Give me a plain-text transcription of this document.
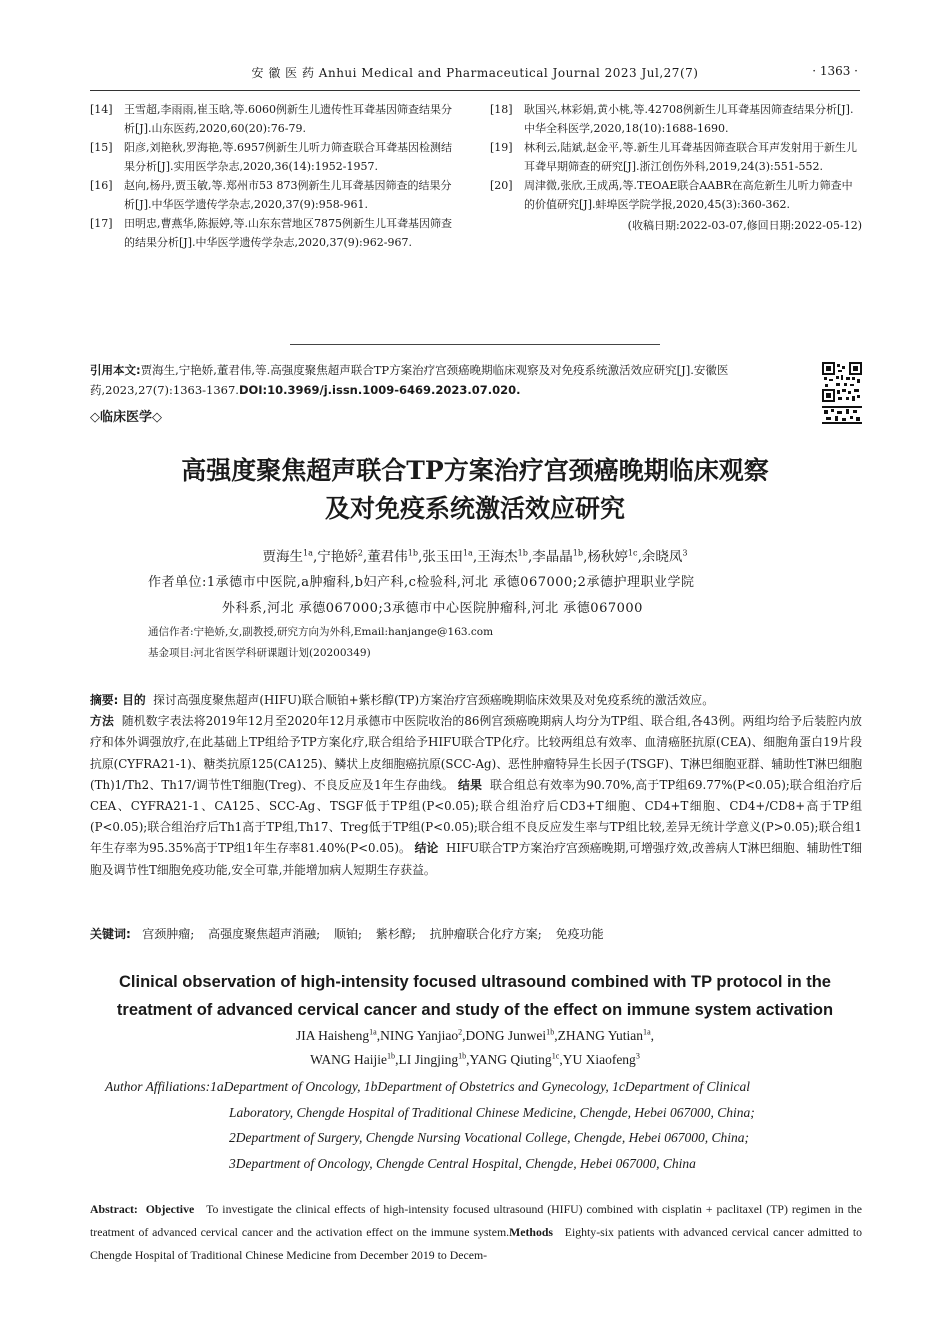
安 徽 医 药 Anhui Medical and Pharmaceutical Journal 2023 Jul,27(7)	· 1363 ·
[14]	王雪超,李雨雨,崔玉晗,等.6060例新生儿遗传性耳聋基因筛查结果分析[J].山东医药,2020,60(20):76-79.
[15]	阳彦,刘艳秋,罗海艳,等.6957例新生儿听力筛查联合耳聋基因检测结果分析[J].实用医学杂志,2020,36(14):1952-1957.
[16]	赵向,杨丹,贾玉敏,等.郑州市53 873例新生儿耳聋基因筛查的结果分析[J].中华医学遗传学杂志,2020,37(9):958-961.
[17]	田明忠,曹燕华,陈振婷,等.山东东营地区7875例新生儿耳聋基因筛查的结果分析[J].中华医学遗传学杂志,2020,37(9):962-967.
[18]	耿国兴,林彩娟,黄小桃,等.42708例新生儿耳聋基因筛查结果分析[J].中华全科医学,2020,18(10):1688-1690.
[19]	林利云,陆斌,赵金平,等.新生儿耳聋基因筛查联合耳声发射用于新生儿耳聋早期筛查的研究[J].浙江创伤外科,2019,24(3):551-552.
[20]	周津微,张欣,王成禹,等.TEOAE联合AABR在高危新生儿听力筛查中的价值研究[J].蚌埠医学院学报,2020,45(3):360-362.
(收稿日期:2022-03-07,修回日期:2022-05-12)
引用本文:贾海生,宁艳娇,董君伟,等.高强度聚焦超声联合TP方案治疗宫颈癌晚期临床观察及对免疫系统激活效应研究[J].安徽医药,2023,27(7):1363-1367.DOI:10.3969/j.issn.1009-6469.2023.07.020.
◇临床医学◇
高强度聚焦超声联合TP方案治疗宫颈癌晚期临床观察
及对免疫系统激活效应研究
贾海生$^{1a}$,宁艳娇$^2$,董君伟$^{1b}$,张玉田$^{1a}$,王海杰$^{1b}$,李晶晶$^{1b}$,杨秋婷$^{1c}$,余晓凤$^3$
作者单位:1承德市中医院,a肿瘤科,b妇产科,c检验科,河北 承德067000;2承德护理职业学院
外科系,河北 承德067000;3承德市中心医院肿瘤科,河北 承德067000
通信作者:宁艳娇,女,副教授,研究方向为外科,Email:hanjange@163.com
基金项目:河北省医学科研课题计划(20200349)
摘要: 目的 探讨高强度聚焦超声(HIFU)联合顺铂+紫杉醇(TP)方案治疗宫颈癌晚期临床效果及对免疫系统的激活效应。
方法 随机数字表法将2019年12月至2020年12月承德市中医院收治的86例宫颈癌晚期病人均分为TP组、联合组,各43例。两组均给予后装腔内放疗和体外调强放疗,在此基础上TP组给予TP方案化疗,联合组给予HIFU联合TP化疗。比较两组总有效率、血清癌胚抗原(CEA)、细胞角蛋白19片段抗原(CYFRA21-1)、糖类抗原125(CA125)、鳞状上皮细胞癌抗原(SCC-Ag)、恶性肿瘤特异生长因子(TSGF)、T淋巴细胞亚群、辅助性T淋巴细胞(Th)1/Th2、Th17/调节性T细胞(Treg)、不良反应及1年生存曲线。 结果 联合组总有效率为90.70%,高于TP组69.77%(P<0.05);联合组治疗后CEA、CYFRA21-1、CA125、SCC-Ag、TSGF低于TP组(P<0.05);联合组治疗后CD3+T细胞、CD4+T细胞、CD4+/CD8+高于TP组(P<0.05);联合组治疗后Th1高于TP组,Th17、Treg低于TP组(P<0.05);联合组不良反应发生率与TP组比较,差异无统计学意义(P>0.05);联合组1年生存率为95.35%高于TP组1年生存率81.40%(P<0.05)。 结论 HIFU联合TP方案治疗宫颈癌晚期,可增强疗效,改善病人T淋巴细胞、辅助性T细胞及调节性T细胞免疫功能,安全可靠,并能增加病人短期生存获益。
关键词: 宫颈肿瘤; 高强度聚焦超声消融; 顺铂; 紫杉醇; 抗肿瘤联合化疗方案; 免疫功能
Clinical observation of high-intensity focused ultrasound combined with TP protocol in the
treatment of advanced cervical cancer and study of the effect on immune system activation
JIA Haisheng$^{1a}$,NING Yanjiao$^2$,DONG Junwei$^{1b}$,ZHANG Yutian$^{1a}$,
WANG Haijie$^{1b}$,LI Jingjing$^{1b}$,YANG Qiuting$^{1c}$,YU Xiaofeng$^3$
Author Affiliations:1aDepartment of Oncology, 1bDepartment of Obstetrics and Gynecology, 1cDepartment of Clinical
Laboratory, Chengde Hospital of Traditional Chinese Medicine, Chengde, Hebei 067000, China;
2Department of Surgery, Chengde Nursing Vocational College, Chengde, Hebei 067000, China;
3Department of Oncology, Chengde Central Hospital, Chengde, Hebei 067000, China
Abstract: Objective To investigate the clinical effects of high-intensity focused ultrasound (HIFU) combined with cisplatin + paclitaxel (TP) regimen in the treatment of advanced cervical cancer and the activation effect on the immune system.Methods Eighty-six patients with advanced cervical cancer admitted to Chengde Hospital of Traditional Chinese Medicine from December 2019 to Decem-
